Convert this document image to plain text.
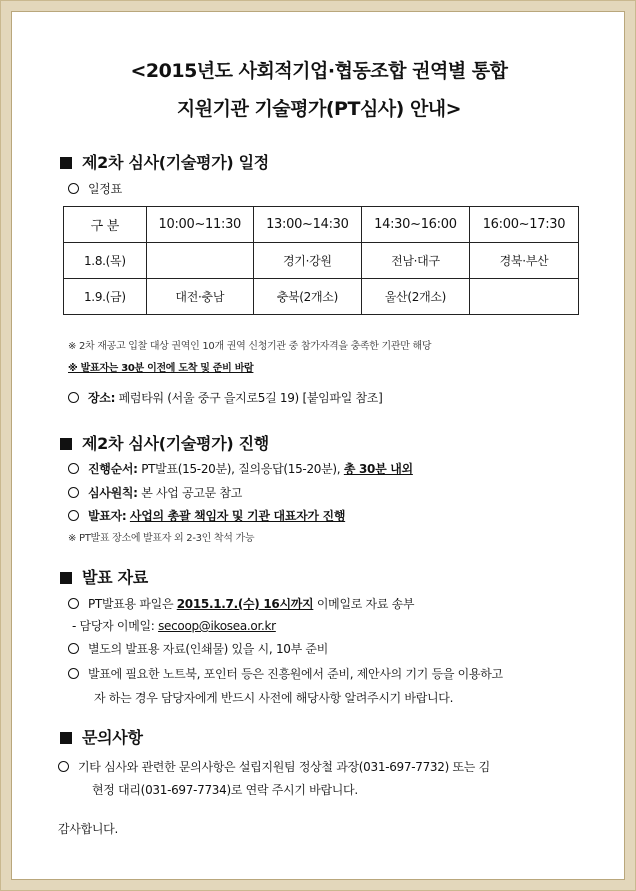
<2015년도 사회적기업·협동조합 권역별 통합
지원기관 기술평가(PT심사) 안내>
제2차 심사(기술평가) 일정
일정표
구 분	10:00~11:30	13:00~14:30	14:30~16:00	16:00~17:30
1.8.(목)		경기·강원	전남·대구	경북·부산
1.9.(금)	대전·충남	충북(2개소)	울산(2개소)	
※ 2차 재공고 입찰 대상 권역인 10개 권역 신청기관 중 참가자격을 충족한 기관만 해당
※ 발표자는 30분 이전에 도착 및 준비 바람
장소: 페럼타워 (서울 중구 을지로5길 19) [붙임파일 참조]
제2차 심사(기술평가) 진행
진행순서: PT발표(15-20분), 질의응답(15-20분), 총 30분 내외
심사원칙: 본 사업 공고문 참고
발표자: 사업의 총괄 책임자 및 기관 대표자가 진행
※ PT발표 장소에 발표자 외 2-3인 착석 가능
발표 자료
PT발표용 파일은 2015.1.7.(수) 16시까지 이메일로 자료 송부
- 담당자 이메일: secoop@ikosea.or.kr
별도의 발표용 자료(인쇄물) 있을 시, 10부 준비
발표에 필요한 노트북, 포인터 등은 진흥원에서 준비, 제안사의 기기 등을 이용하고
자 하는 경우 담당자에게 반드시 사전에 해당사항 알려주시기 바랍니다.
문의사항
기타 심사와 관련한 문의사항은 설립지원팀 정상철 과장(031-697-7732) 또는 김
현정 대리(031-697-7734)로 연락 주시기 바랍니다.
감사합니다.
